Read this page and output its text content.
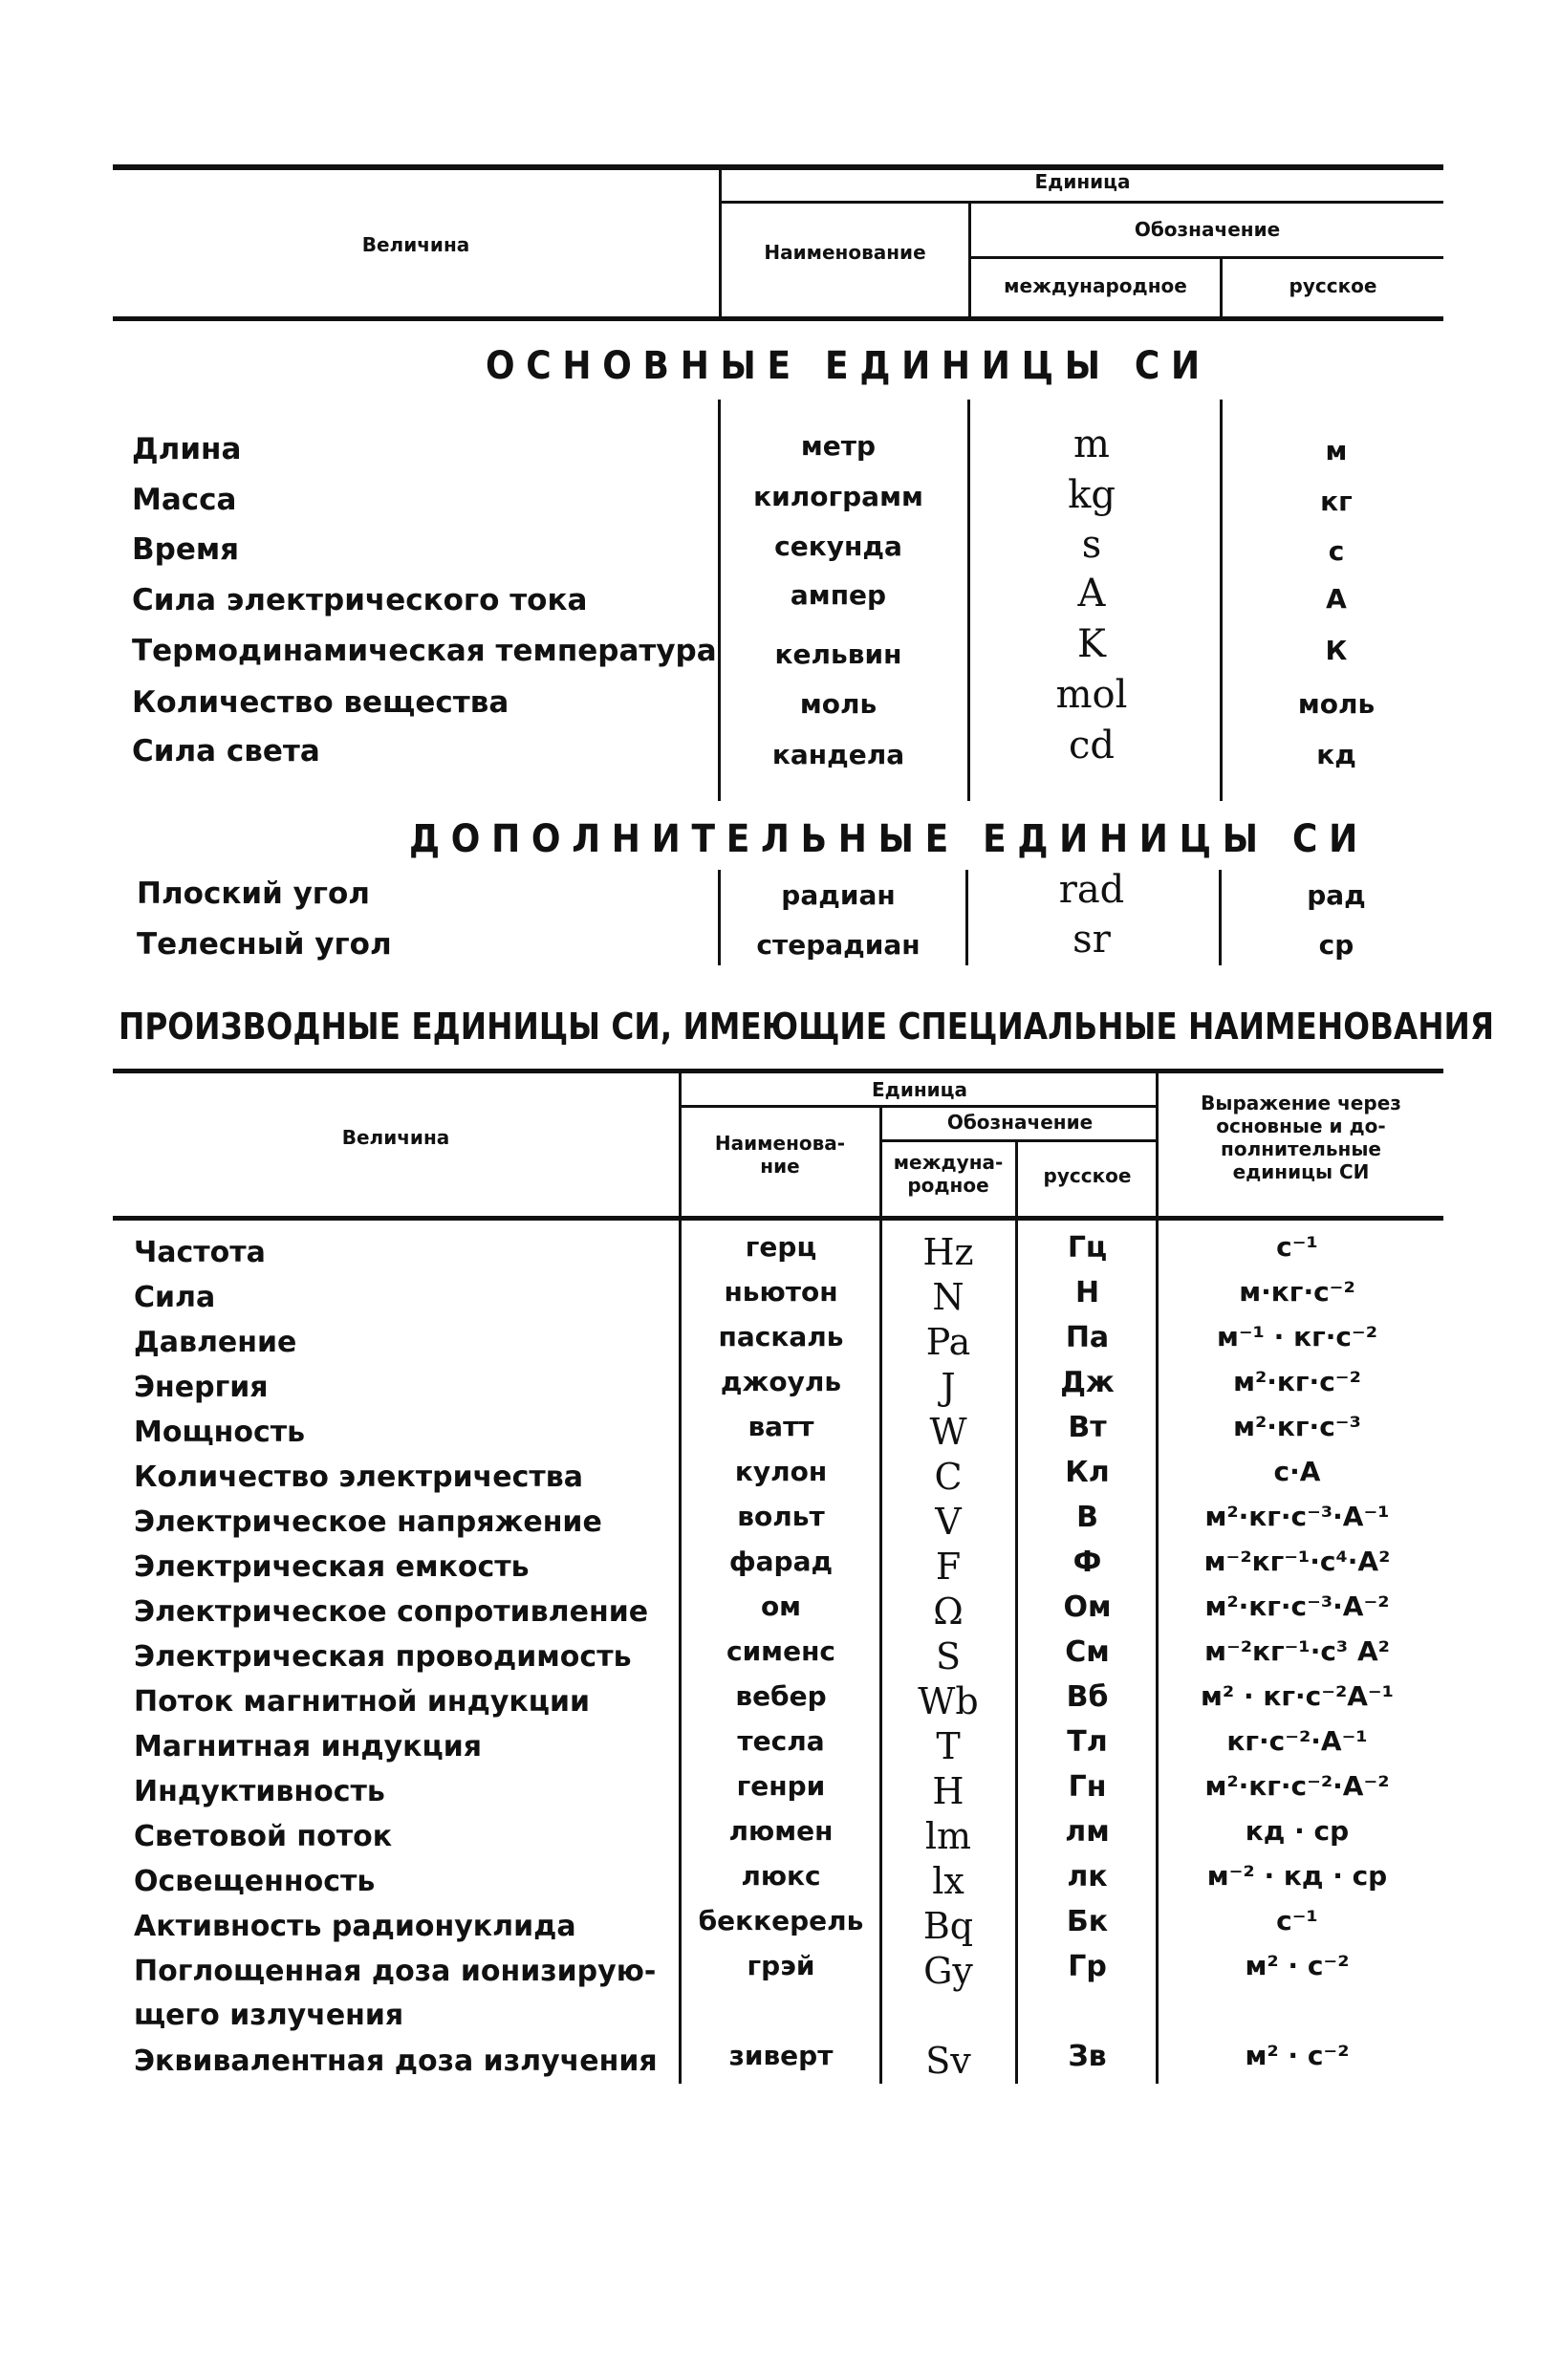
Величина
Единица
Наименование
Обозначение
международное	русское
ОСНОВНЫЕ ЕДИНИЦЫ СИ
Длина	метр	m	м
Масса	килограмм	kg	кг
Время	секунда	s	с
Сила электрического тока	ампер	A	А
Термодинамическая температура	кельвин	K	К
Количество вещества	моль	mol	моль
Сила света	кандела	cd	кд
ДОПОЛНИТЕЛЬНЫЕ ЕДИНИЦЫ СИ
Плоский угол	радиан	rad	рад
Телесный угол	стерадиан	sr	ср
ПРОИЗВОДНЫЕ ЕДИНИЦЫ СИ, ИМЕЮЩИЕ СПЕЦИАЛЬНЫЕ НАИМЕНОВАНИЯ
Величина
Единица
Наименова-
ние
Обозначение
междуна-
родное	русское
Выражение через
основные и до-
полнительные
единицы СИ
Частота	герц	Hz	Гц	с⁻¹
Сила	ньютон	N	Н	м·кг·с⁻²
Давление	паскаль	Pa	Па	м⁻¹ · кг·с⁻²
Энергия	джоуль	J	Дж	м²·кг·с⁻²
Мощность	ватт	W	Вт	м²·кг·с⁻³
Количество электричества	кулон	C	Кл	с·А
Электрическое напряжение	вольт	V	В	м²·кг·с⁻³·А⁻¹
Электрическая емкость	фарад	F	Ф	м⁻²кг⁻¹·с⁴·А²
Электрическое сопротивление	ом	Ω	Ом	м²·кг·с⁻³·А⁻²
Электрическая проводимость	сименс	S	См	м⁻²кг⁻¹·с³ А²
Поток магнитной индукции	вебер	Wb	Вб	м² · кг·с⁻²А⁻¹
Магнитная индукция	тесла	T	Тл	кг·с⁻²·А⁻¹
Индуктивность	генри	H	Гн	м²·кг·с⁻²·А⁻²
Световой поток	люмен	lm	лм	кд · ср
Освещенность	люкс	lx	лк	м⁻² · кд · ср
Активность радионуклида	беккерель	Bq	Бк	с⁻¹
Поглощенная доза ионизирую-
щего излучения
грэй	Gy	Гр	м² · с⁻²
Эквивалентная доза излучения	зиверт	Sv	Зв	м² · с⁻²
